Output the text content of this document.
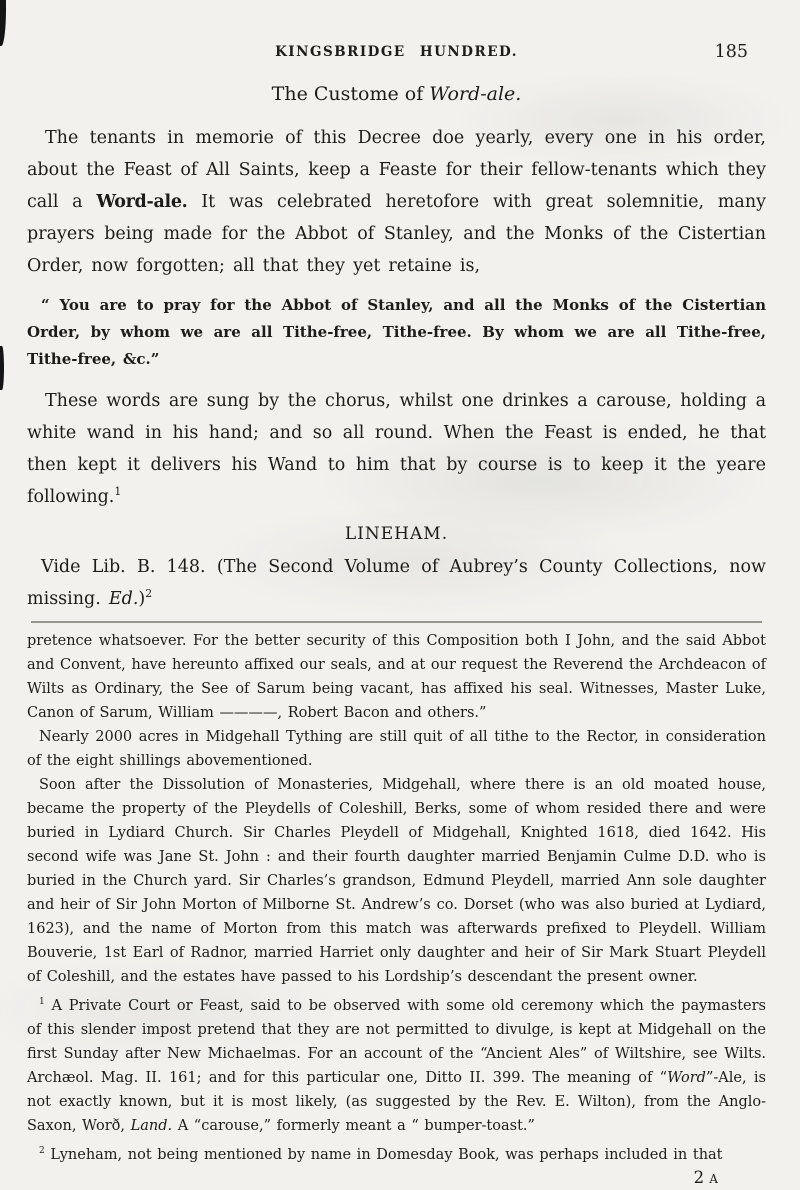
KINGSBRIDGE HUNDRED.	185
The Custome of Word-ale.

The tenants in memorie of this Decree doe yearly, every one in his order, about the Feast of All Saints, keep a Feaste for their fellow-tenants which they call a Word-ale. It was celebrated heretofore with great solemnitie, many prayers being made for the Abbot of Stanley, and the Monks of the Cistertian Order, now forgotten; all that they yet retaine is,

“ You are to pray for the Abbot of Stanley, and all the Monks of the Cistertian Order, by whom we are all Tithe-free, Tithe-free. By whom we are all Tithe-free, Tithe-free, &c.”

These words are sung by the chorus, whilst one drinkes a carouse, holding a white wand in his hand; and so all round. When the Feast is ended, he that then kept it delivers his Wand to him that by course is to keep it the yeare following.$^1$

LINEHAM.

Vide Lib. B. 148. (The Second Volume of Aubrey’s County Collections, now missing. Ed.)$^2$

pretence whatsoever. For the better security of this Composition both I John, and the said Abbot and Convent, have hereunto affixed our seals, and at our request the Reverend the Archdeacon of Wilts as Ordinary, the See of Sarum being vacant, has affixed his seal. Witnesses, Master Luke, Canon of Sarum, William ————, Robert Bacon and others.”

Nearly 2000 acres in Midgehall Tything are still quit of all tithe to the Rector, in consideration of the eight shillings abovementioned.

Soon after the Dissolution of Monasteries, Midgehall, where there is an old moated house, became the property of the Pleydells of Coleshill, Berks, some of whom resided there and were buried in Lydiard Church. Sir Charles Pleydell of Midgehall, Knighted 1618, died 1642. His second wife was Jane St. John : and their fourth daughter married Benjamin Culme D.D. who is buried in the Church yard. Sir Charles’s grandson, Edmund Pleydell, married Ann sole daughter and heir of Sir John Morton of Milborne St. Andrew’s co. Dorset (who was also buried at Lydiard, 1623), and the name of Morton from this match was afterwards prefixed to Pleydell. William Bouverie, 1st Earl of Radnor, married Harriet only daughter and heir of Sir Mark Stuart Pleydell of Coleshill, and the estates have passed to his Lordship’s descendant the present owner.

$^1$ A Private Court or Feast, said to be observed with some old ceremony which the paymasters of this slender impost pretend that they are not permitted to divulge, is kept at Midgehall on the first Sunday after New Michaelmas. For an account of the “Ancient Ales” of Wiltshire, see Wilts. Archæol. Mag. II. 161; and for this particular one, Ditto II. 399. The meaning of “Word”-Ale, is not exactly known, but it is most likely, (as suggested by the Rev. E. Wilton), from the Anglo- Saxon, Worð, Land. A “carouse,” formerly meant a “ bumper-toast.”

$^2$ Lyneham, not being mentioned by name in Domesday Book, was perhaps included in that

2 A
